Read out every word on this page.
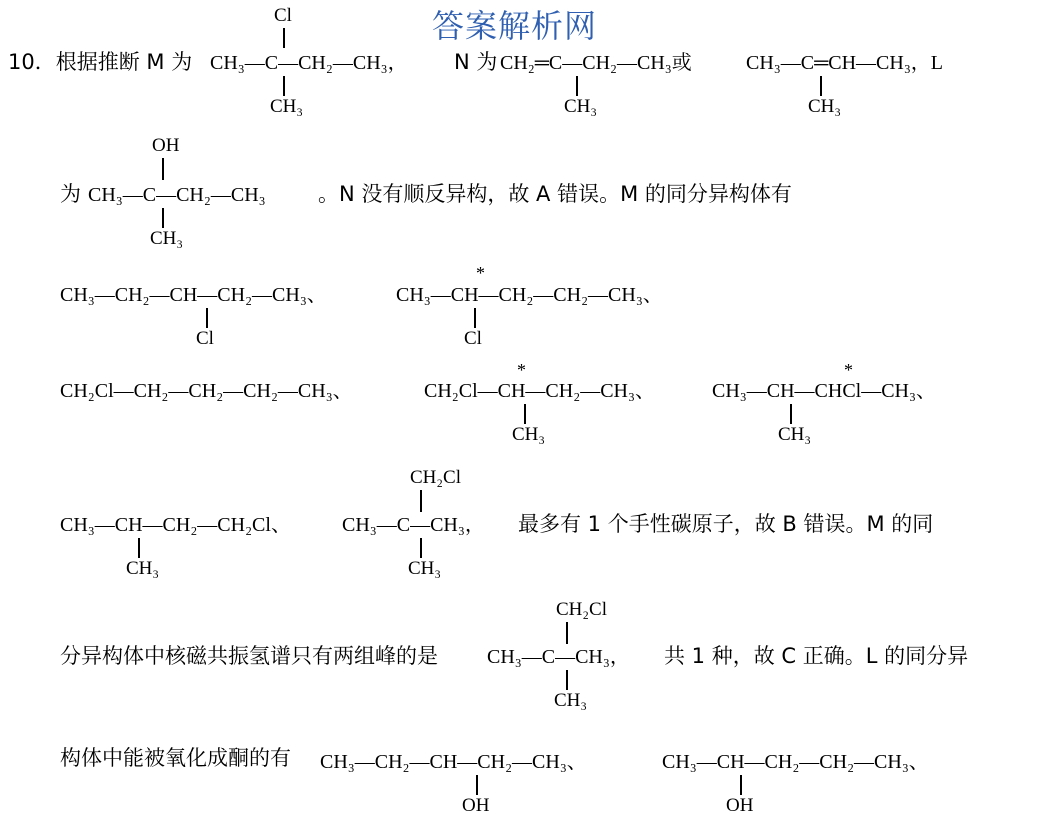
答案解析网
10．根据推断 M 为
Cl
CH₃—C—CH₂—CH₃，
CH₃
N 为 CH₂═C—CH₂—CH₃或
CH₃
CH₃—C═CH—CH₃，L
CH₃
OH
为 CH₃—C—CH₂—CH₃
CH₃
。N 没有顺反异构，故 A 错误。M 的同分异构体有
CH₃—CH₂—CH—CH₂—CH₃、
Cl
*
CH₃—CH—CH₂—CH₂—CH₃、
Cl
CH₂Cl—CH₂—CH₂—CH₂—CH₃、
*
CH₂Cl—CH—CH₂—CH₃、
CH₃
*
CH₃—CH—CHCl—CH₃、
CH₃
CH₃—CH—CH₂—CH₂Cl、
CH₃
CH₂Cl
CH₃—C—CH₃，
CH₃
最多有 1 个手性碳原子，故 B 错误。M 的同
分异构体中核磁共振氢谱只有两组峰的是
CH₂Cl
CH₃—C—CH₃，
CH₃
共 1 种，故 C 正确。L 的同分异
构体中能被氧化成酮的有 CH₃—CH₂—CH—CH₂—CH₃、
OH
CH₃—CH—CH₂—CH₂—CH₃、
OH
